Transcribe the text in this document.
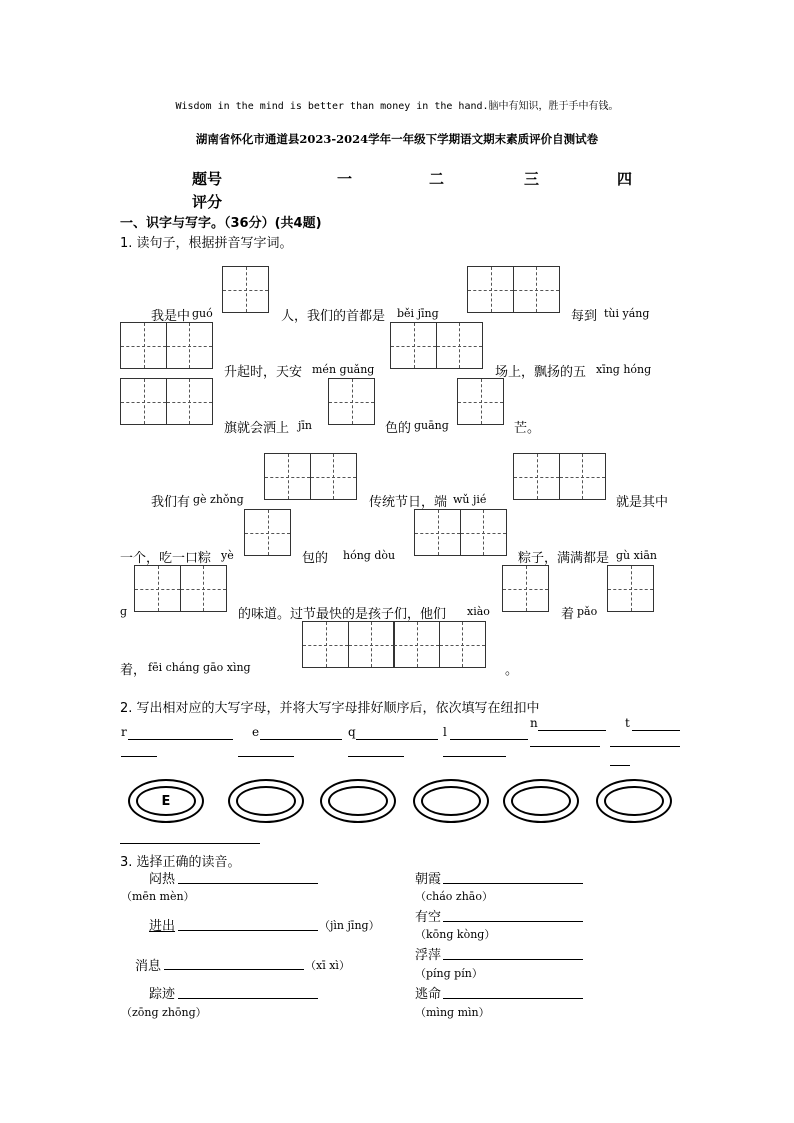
Wisdom in the mind is better than money in the hand.脑中有知识，胜于手中有钱。
湖南省怀化市通道县2023-2024学年一年级下学期语文期末素质评价自测试卷
题号	一	二	三	四
评分
一、识字与写字。（36分）(共4题)
1. 读句子，根据拼音写字词。
我是中 ɡuó	人，我们的首都是 běi jīnɡ	每到 tùi yánɡ
升起时，天安 mén ɡuǎnɡ	场上，飘扬的五 xīnɡ hónɡ
旗就会洒上 jīn	色的 ɡuānɡ	芒。
我们有 ɡè zhǒnɡ	传统节日，端 wǔ jié	就是其中
一个，吃一口粽 yè	包的 hónɡ dòu	粽子，满满都是 ɡù xiān
ɡ	的味道。过节最快的是孩子们，他们 xiào	着 pǎo
着， fēi chánɡ ɡāo xìnɡ	。
2. 写出相对应的大写字母，并将大写字母排好顺序后，依次填写在纽扣中
r	e	q	l
n	t
E
3. 选择正确的读音。
闷热
（mēn mèn）
进出	（jìn jīnɡ）
消息	（xī xì）
踪迹
（zōnɡ zhōnɡ）
朝霞
（cháo zhāo）
有空
（kōnɡ kònɡ）
浮萍
（pínɡ pín）
逃命
（mìnɡ mìn）
